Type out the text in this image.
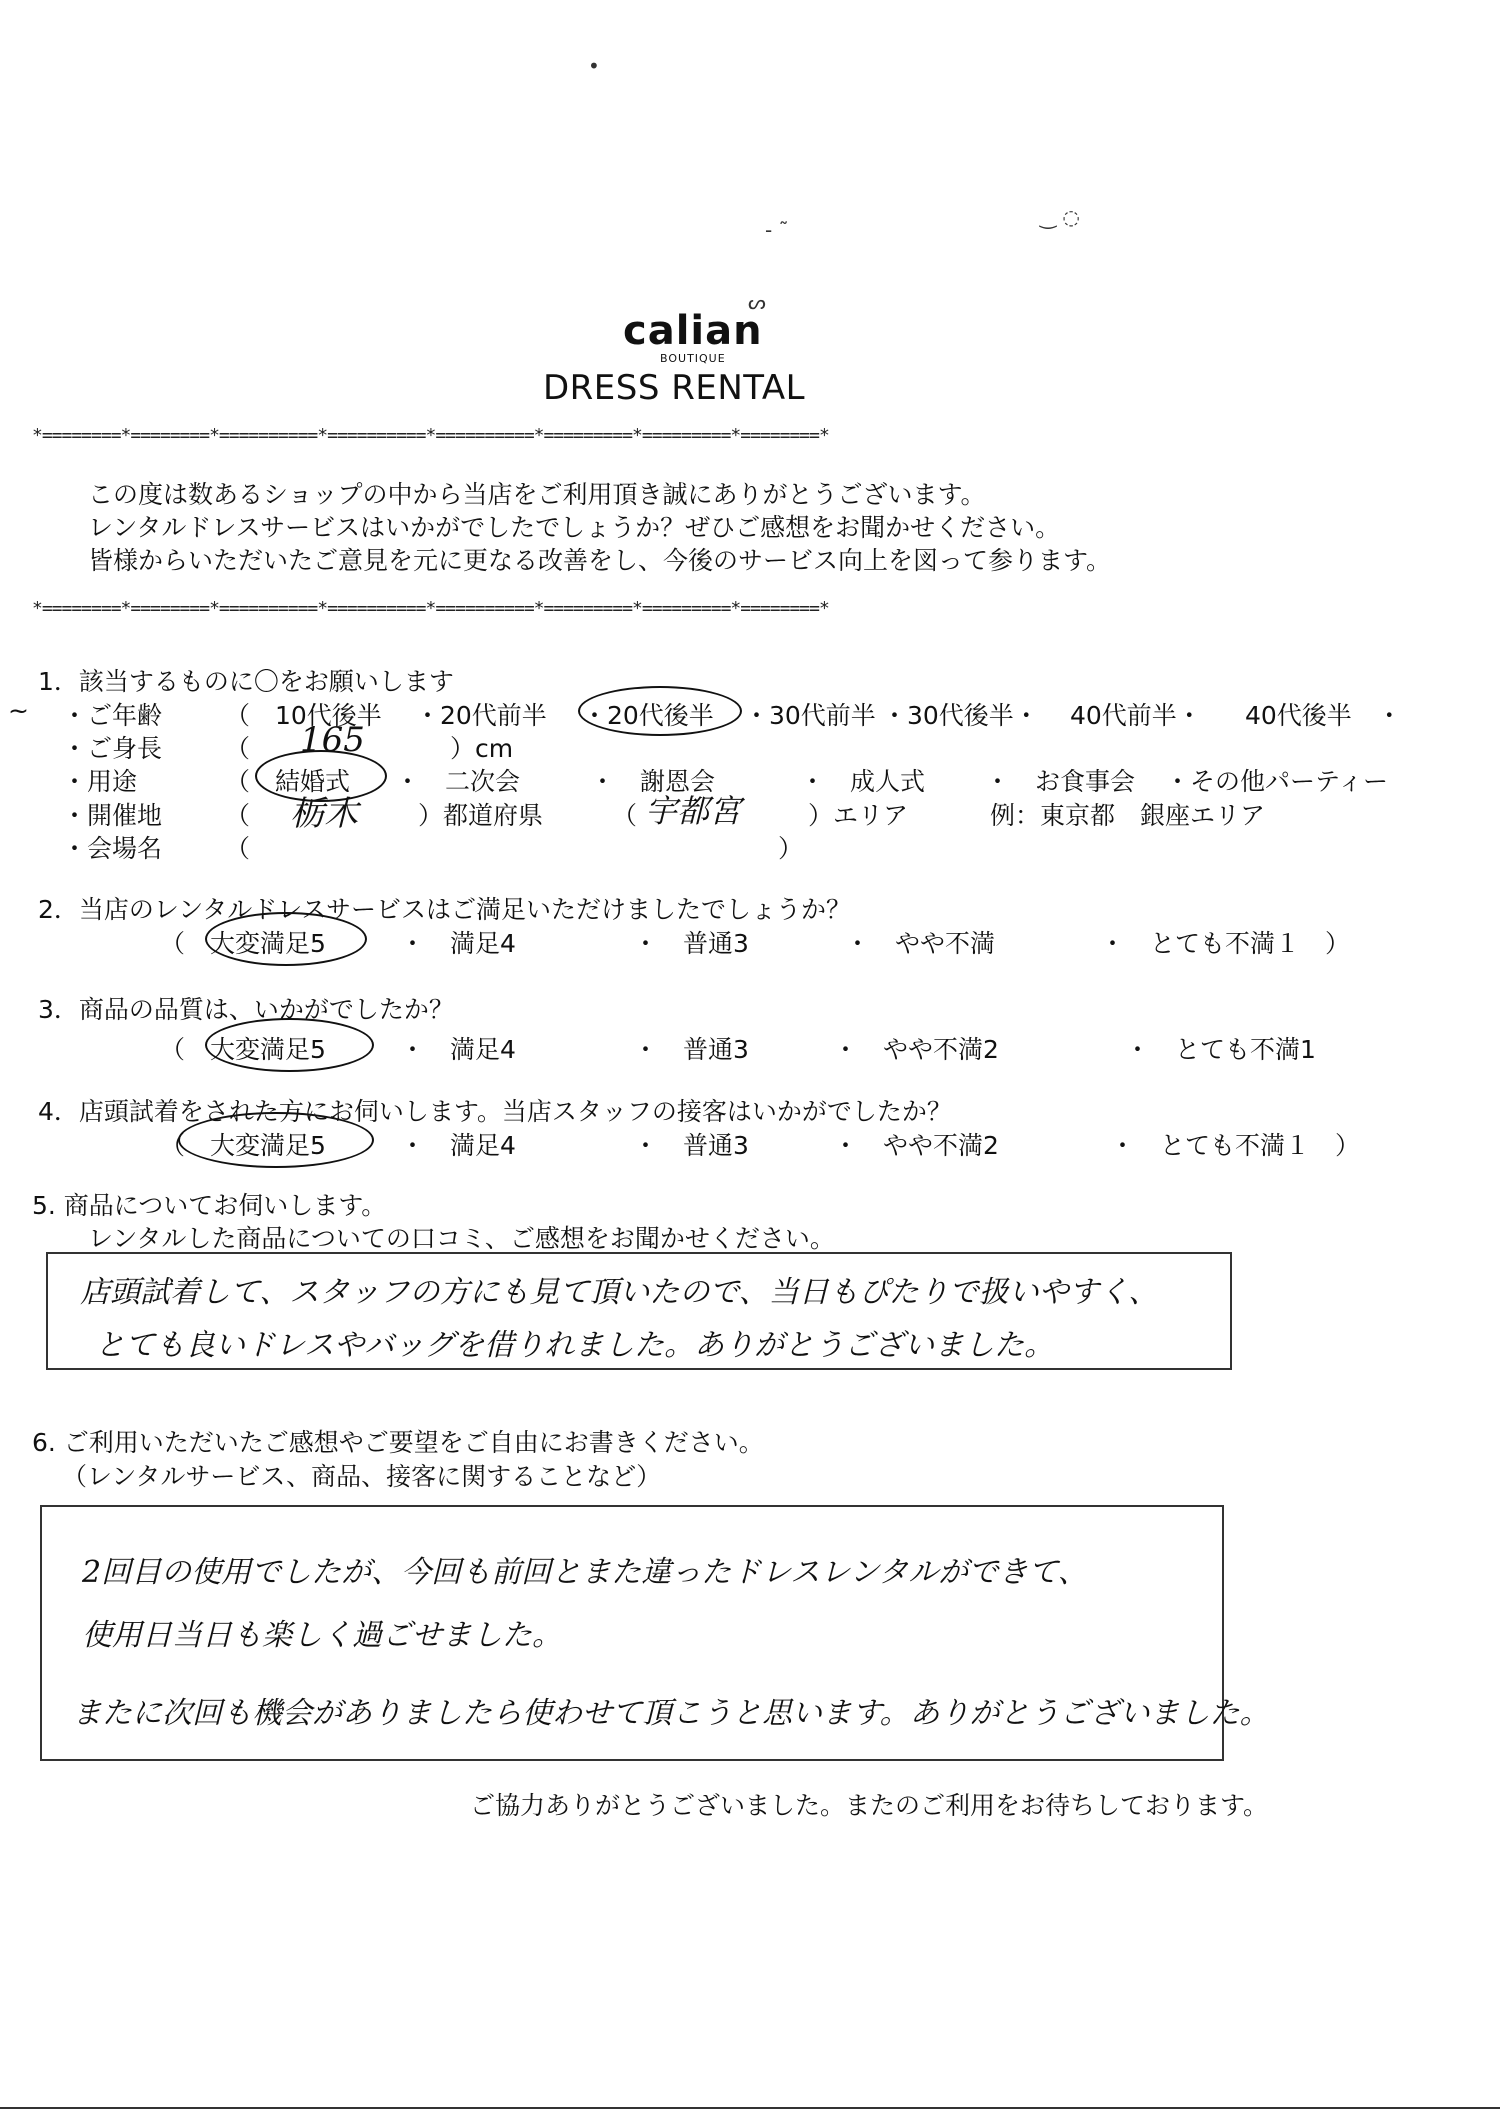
•
- ˜
‿ ◌
ᔕ
calian
BOUTIQUE
DRESS RENTAL
*========*========*==========*==========*==========*=========*=========*========*
この度は数あるショップの中から当店をご利用頂き誠にありがとうございます。
レンタルドレスサービスはいかがでしたでしょうか？ぜひご感想をお聞かせください。
皆様からいただいたご意見を元に更なる改善をし、今後のサービス向上を図って参ります。
*========*========*==========*==========*==========*=========*=========*========*
1．該当するものに〇をお願いします
~ ・ご年齢	（　10代後半 ・20代前半 ・20代後半 ・30代前半 ・30代後半・ 40代前半・ 40代後半　・
・ご身長	（ 165	）cm
・用途	（　結婚式 ・　二次会	・　謝恩会	・　成人式 ・　お食事会 ・その他パーティー
・開催地	（ 栃木 ）都道府県	（ 宇都宮	）エリア	例：東京都　銀座エリア
・会場名	（	）
2．当店のレンタルドレスサービスはご満足いただけましたでしょうか？
（　大変満足5	・　満足4	・　普通3	・　やや不満	・　とても不満１　）
3．商品の品質は、いかがでしたか？
（　大変満足5	・　満足4	・　普通3	・　やや不満2	・　とても不満1
4．店頭試着をされた方にお伺いします。当店スタッフの接客はいかがでしたか？
（　大変満足5	・　満足4	・　普通3	・　やや不満2	・　とても不満１　）
5. 商品についてお伺いします。
レンタルした商品についての口コミ、ご感想をお聞かせください。
店頭試着して、スタッフの方にも見て頂いたので、当日もぴたりで扱いやすく、
とても良いドレスやバッグを借りれました。ありがとうございました。
6. ご利用いただいたご感想やご要望をご自由にお書きください。
（レンタルサービス、商品、接客に関することなど）
2回目の使用でしたが、今回も前回とまた違ったドレスレンタルができて、
使用日当日も楽しく過ごせました。
またに次回も機会がありましたら使わせて頂こうと思います。ありがとうございました。
ご協力ありがとうございました。またのご利用をお待ちしております。
